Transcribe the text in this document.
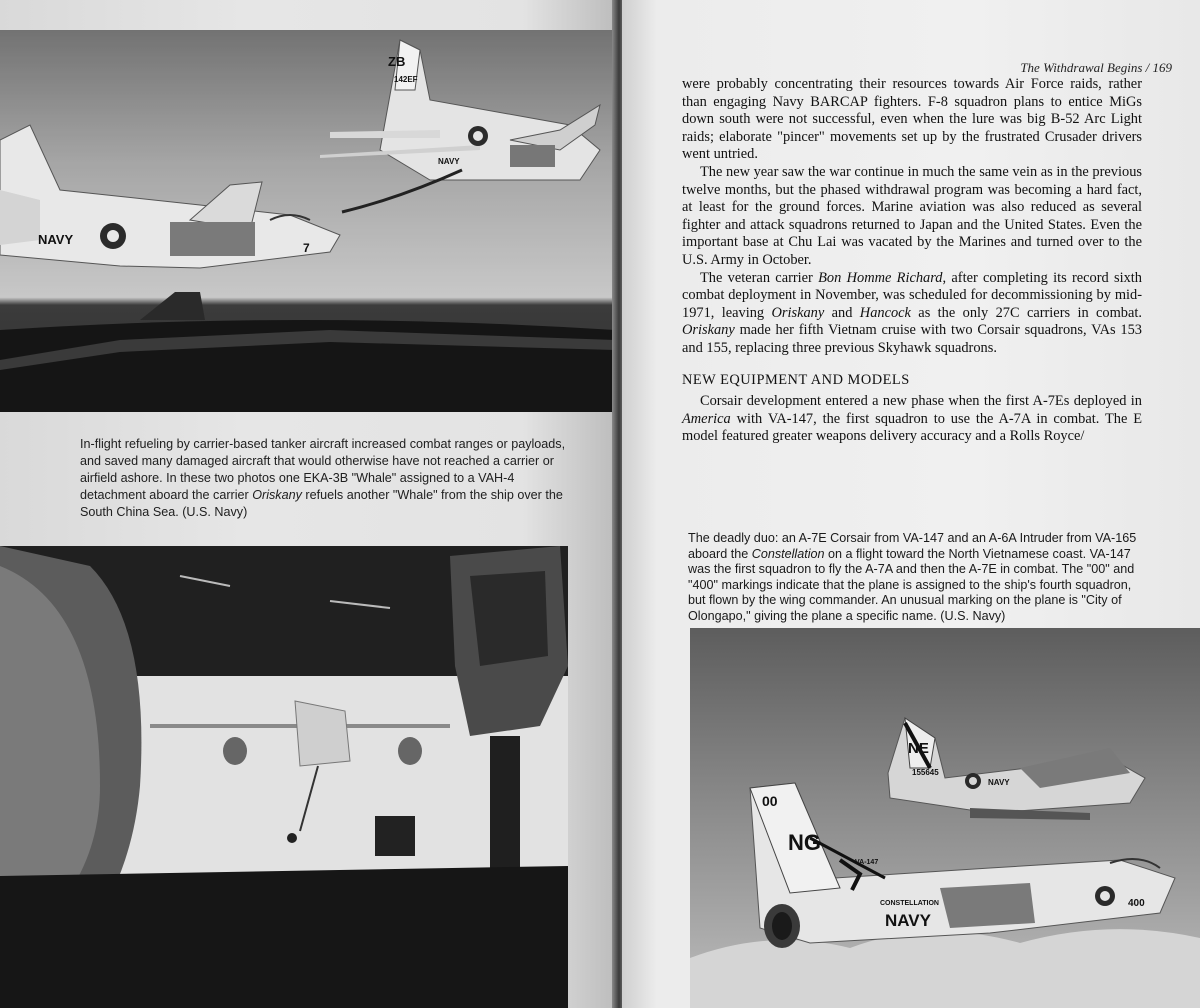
ZB
142EF
NAVY
NAVY
7
In-flight refueling by carrier-based tanker aircraft increased combat ranges or payloads, and saved many damaged aircraft that would otherwise have not reached a carrier or airfield ashore. In these two photos one EKA-3B "Whale" assigned to a VAH-4 detachment aboard the carrier Oriskany refuels another "Whale" from the ship over the South China Sea. (U.S. Navy)
The Withdrawal Begins / 169

were probably concentrating their resources towards Air Force raids, rather than engaging Navy BARCAP fighters. F-8 squadron plans to entice MiGs down south were not successful, even when the lure was big B-52 Arc Light raids; elaborate "pincer" movements set up by the frustrated Crusader drivers went untried.

The new year saw the war continue in much the same vein as in the previous twelve months, but the phased withdrawal program was becoming a hard fact, at least for the ground forces. Marine aviation was also reduced as several fighter and attack squadrons returned to Japan and the United States. Even the important base at Chu Lai was vacated by the Marines and turned over to the U.S. Army in October.

The veteran carrier Bon Homme Richard, after completing its record sixth combat deployment in November, was scheduled for decommissioning by mid-1971, leaving Oriskany and Hancock as the only 27C carriers in combat. Oriskany made her fifth Vietnam cruise with two Corsair squadrons, VAs 153 and 155, replacing three previous Skyhawk squadrons.

NEW EQUIPMENT AND MODELS

Corsair development entered a new phase when the first A-7Es deployed in America with VA-147, the first squadron to use the A-7A in combat. The E model featured greater weapons delivery accuracy and a Rolls Royce/

The deadly duo: an A-7E Corsair from VA-147 and an A-6A Intruder from VA-165 aboard the Constellation on a flight toward the North Vietnamese coast. VA-147 was the first squadron to fly the A-7A and then the A-7E in combat. The "00" and "400" markings indicate that the plane is assigned to the ship's fourth squadron, but flown by the wing commander. An unusual marking on the plane is "City of Olongapo," giving the plane a specific name. (U.S. Navy)
NE
155645
NAVY
00
NG
VA-147
CONSTELLATION
NAVY
400
